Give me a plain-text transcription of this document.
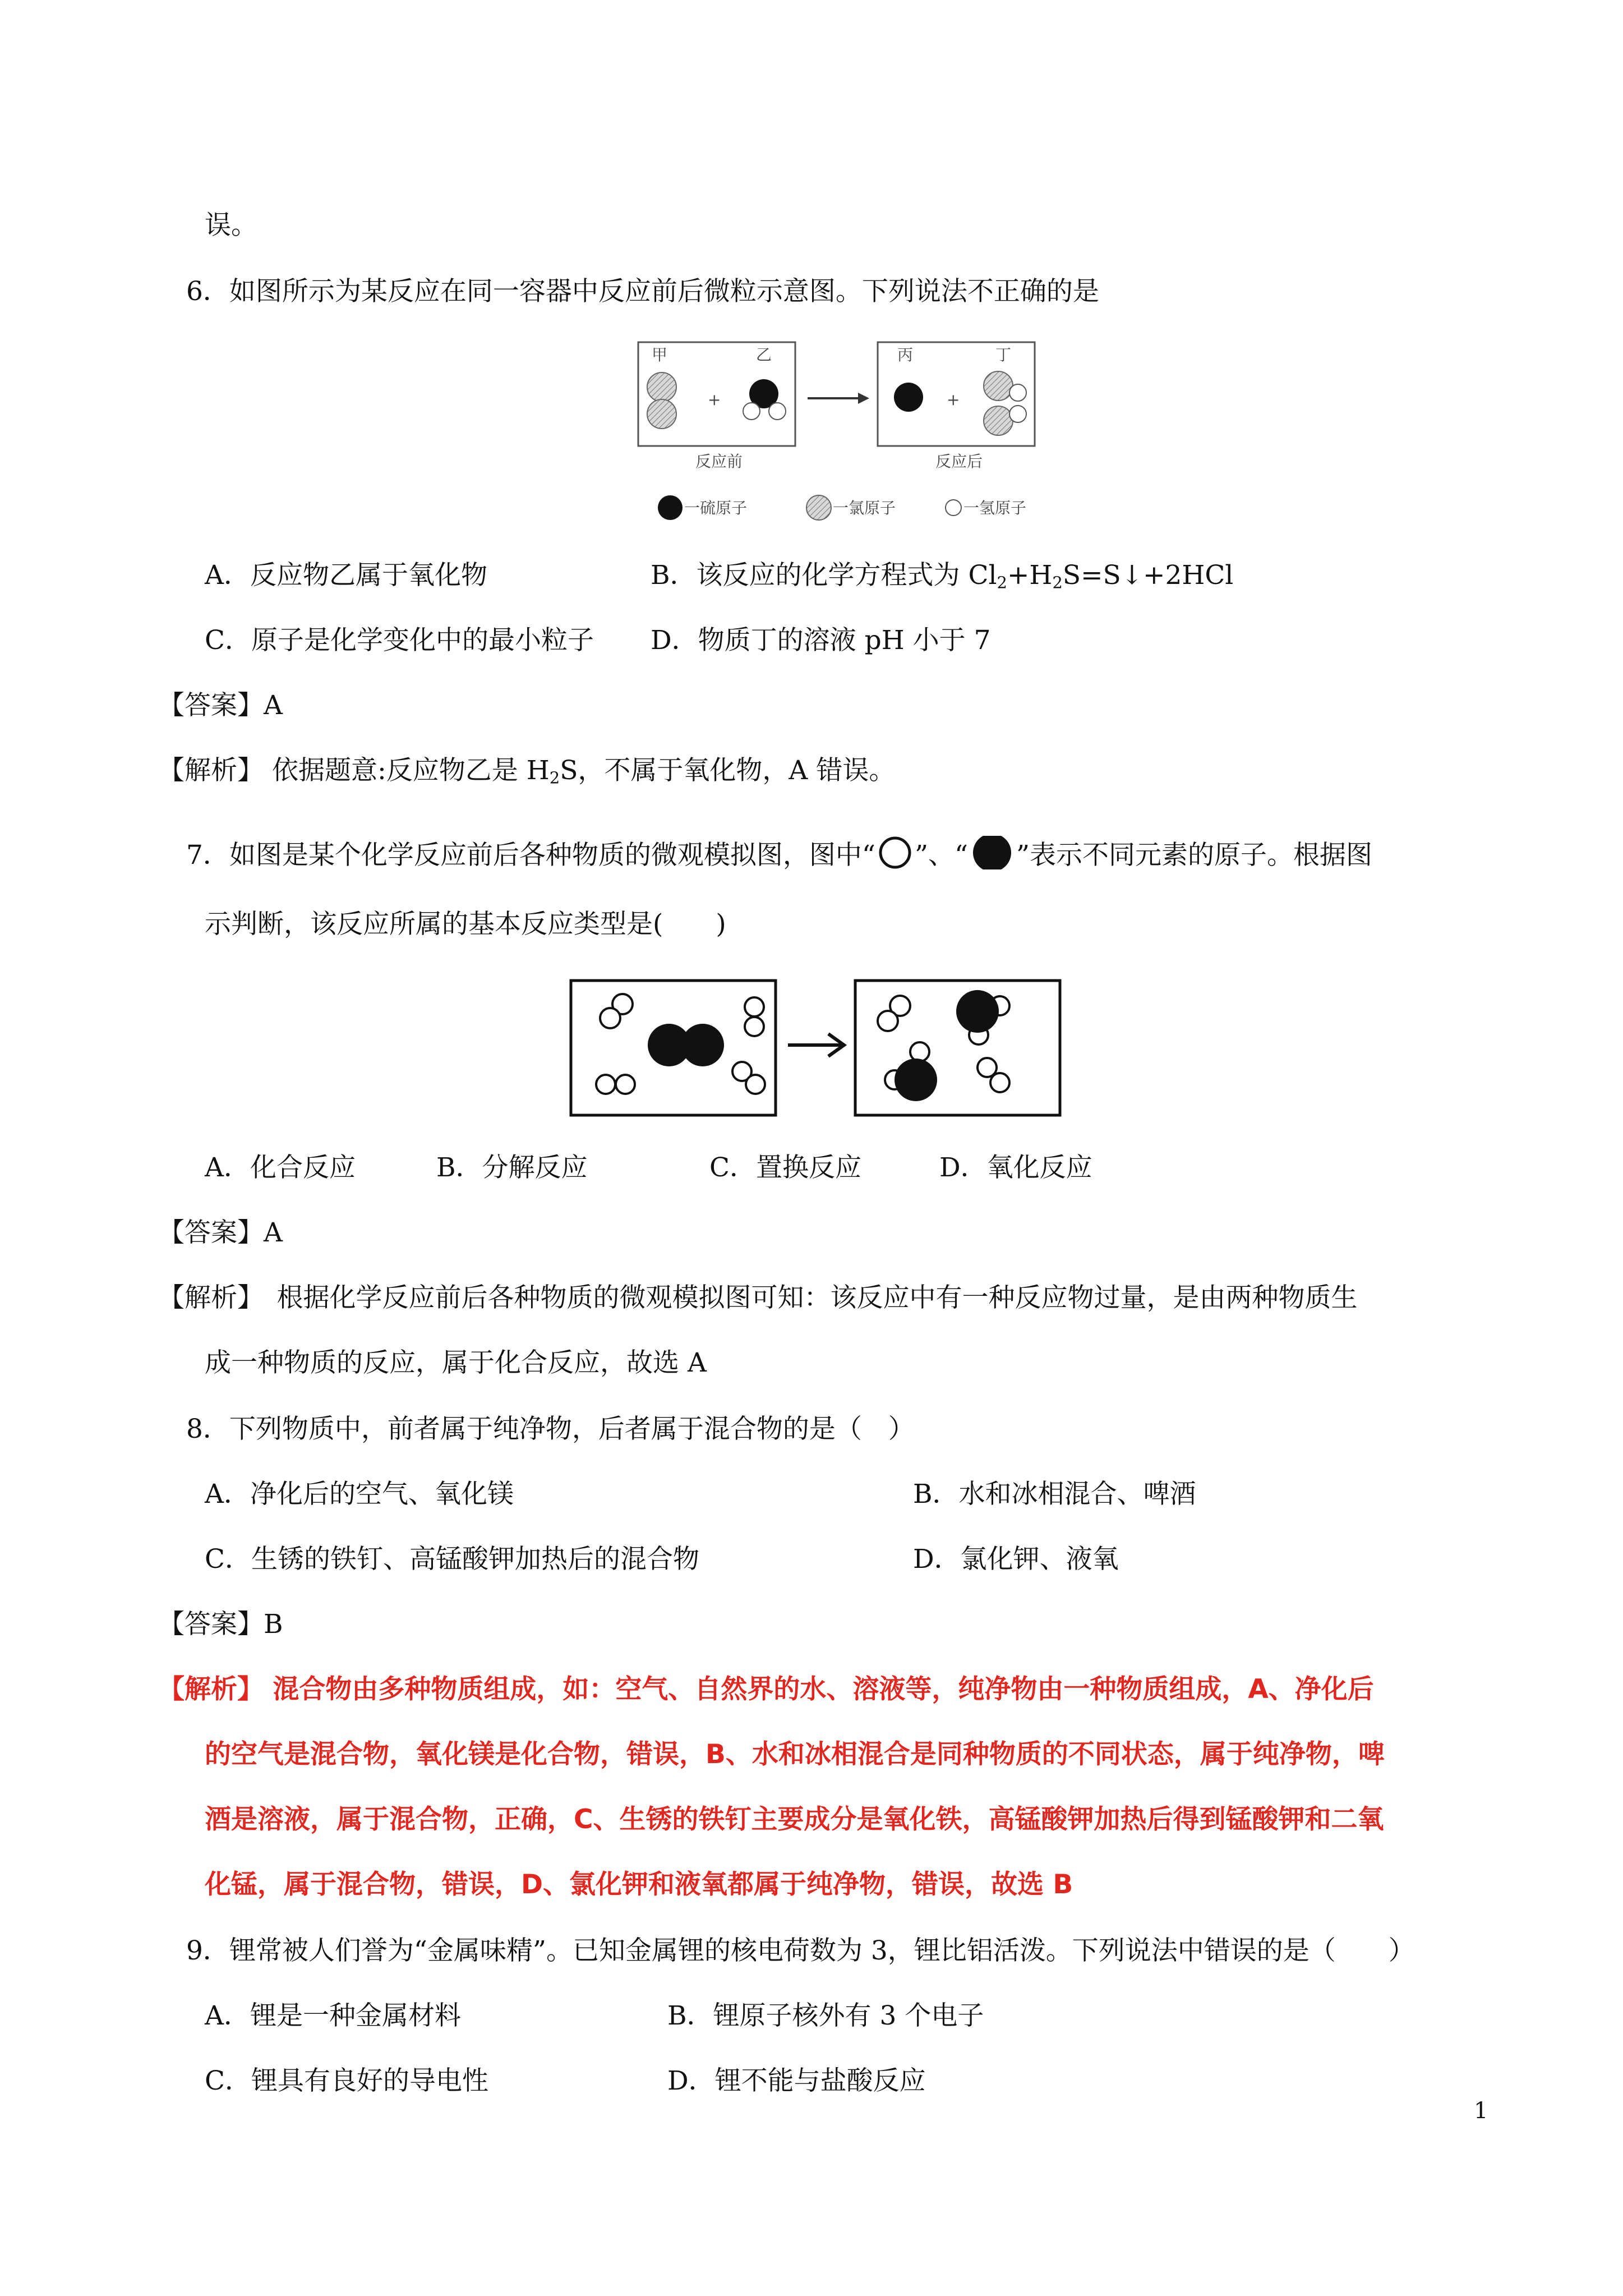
误。
6．如图所示为某反应在同一容器中反应前后微粒示意图。下列说法不正确的是
甲	乙	丙	丁
+	+
反应前	反应后
一硫原子	一氯原子	一氢原子
A．反应物乙属于氧化物	B．该反应的化学方程式为 $Cl_2+H_2S=S↓+2HCl$
C．原子是化学变化中的最小粒子 D．物质丁的溶液 pH 小于 7
【答案】A
【解析】 依据题意:反应物乙是 $H_2S$，不属于氧化物，A 错误。
7．如图是某个化学反应前后各种物质的微观模拟图，图中“ ”、“ ”表示不同元素的原子。根据图
示判断，该反应所属的基本反应类型是(　　)
A．化合反应	B．分解反应	C．置换反应	D．氧化反应
【答案】A
【解析】　根据化学反应前后各种物质的微观模拟图可知：该反应中有一种反应物过量，是由两种物质生
成一种物质的反应，属于化合反应，故选 A
8．下列物质中，前者属于纯净物，后者属于混合物的是（　）
A．净化后的空气、氧化镁	B．水和冰相混合、啤酒
C．生锈的铁钉、高锰酸钾加热后的混合物	D．氯化钾、液氧
【答案】B
【解析】 混合物由多种物质组成，如：空气、自然界的水、溶液等，纯净物由一种物质组成，A、净化后
的空气是混合物，氧化镁是化合物，错误，B、水和冰相混合是同种物质的不同状态，属于纯净物，啤
酒是溶液，属于混合物，正确，C、生锈的铁钉主要成分是氧化铁，高锰酸钾加热后得到锰酸钾和二氧
化锰，属于混合物，错误，D、氯化钾和液氧都属于纯净物，错误，故选 B
9．锂常被人们誉为“金属味精”。已知金属锂的核电荷数为 3，锂比铝活泼。下列说法中错误的是（　　）
A．锂是一种金属材料	B．锂原子核外有 3 个电子
C．锂具有良好的导电性	D．锂不能与盐酸反应
1
